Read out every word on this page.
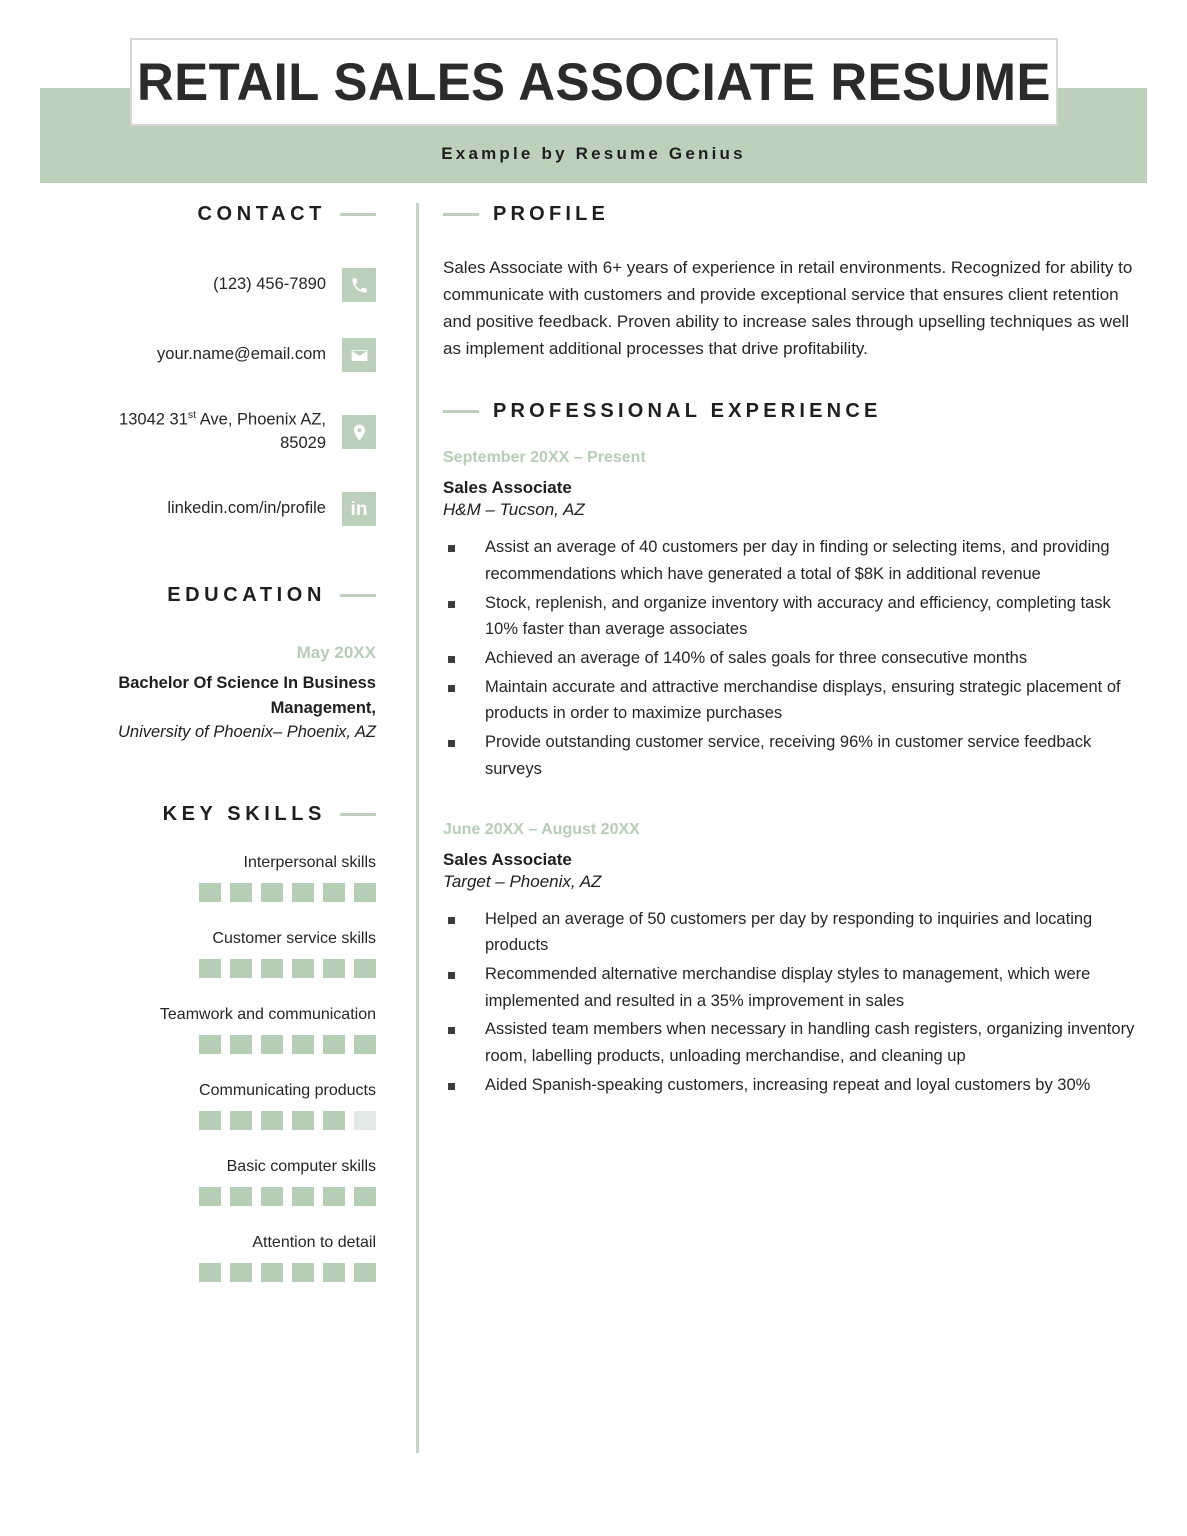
RETAIL SALES ASSOCIATE RESUME
Example by Resume Genius
CONTACT
(123) 456-7890
your.name@email.com
13042 31st Ave, Phoenix AZ, 85029
linkedin.com/in/profile in
EDUCATION
May 20XX
Bachelor Of Science In Business Management,
University of Phoenix– Phoenix, AZ
KEY SKILLS
Interpersonal skills
Customer service skills
Teamwork and communication
Communicating products
Basic computer skills
Attention to detail
PROFILE

Sales Associate with 6+ years of experience in retail environments. Recognized for ability to communicate with customers and provide exceptional service that ensures client retention and positive feedback. Proven ability to increase sales through upselling techniques as well as implement additional processes that drive profitability.

PROFESSIONAL EXPERIENCE
September 20XX – Present
Sales Associate
H&M – Tucson, AZ
Assist an average of 40 customers per day in finding or selecting items, and providing recommendations which have generated a total of $8K in additional revenue
Stock, replenish, and organize inventory with accuracy and efficiency, completing task 10% faster than average associates
Achieved an average of 140% of sales goals for three consecutive months
Maintain accurate and attractive merchandise displays, ensuring strategic placement of products in order to maximize purchases
Provide outstanding customer service, receiving 96% in customer service feedback surveys
June 20XX – August 20XX
Sales Associate
Target – Phoenix, AZ
Helped an average of 50 customers per day by responding to inquiries and locating products
Recommended alternative merchandise display styles to management, which were implemented and resulted in a 35% improvement in sales
Assisted team members when necessary in handling cash registers, organizing inventory room, labelling products, unloading merchandise, and cleaning up
Aided Spanish-speaking customers, increasing repeat and loyal customers by 30%
